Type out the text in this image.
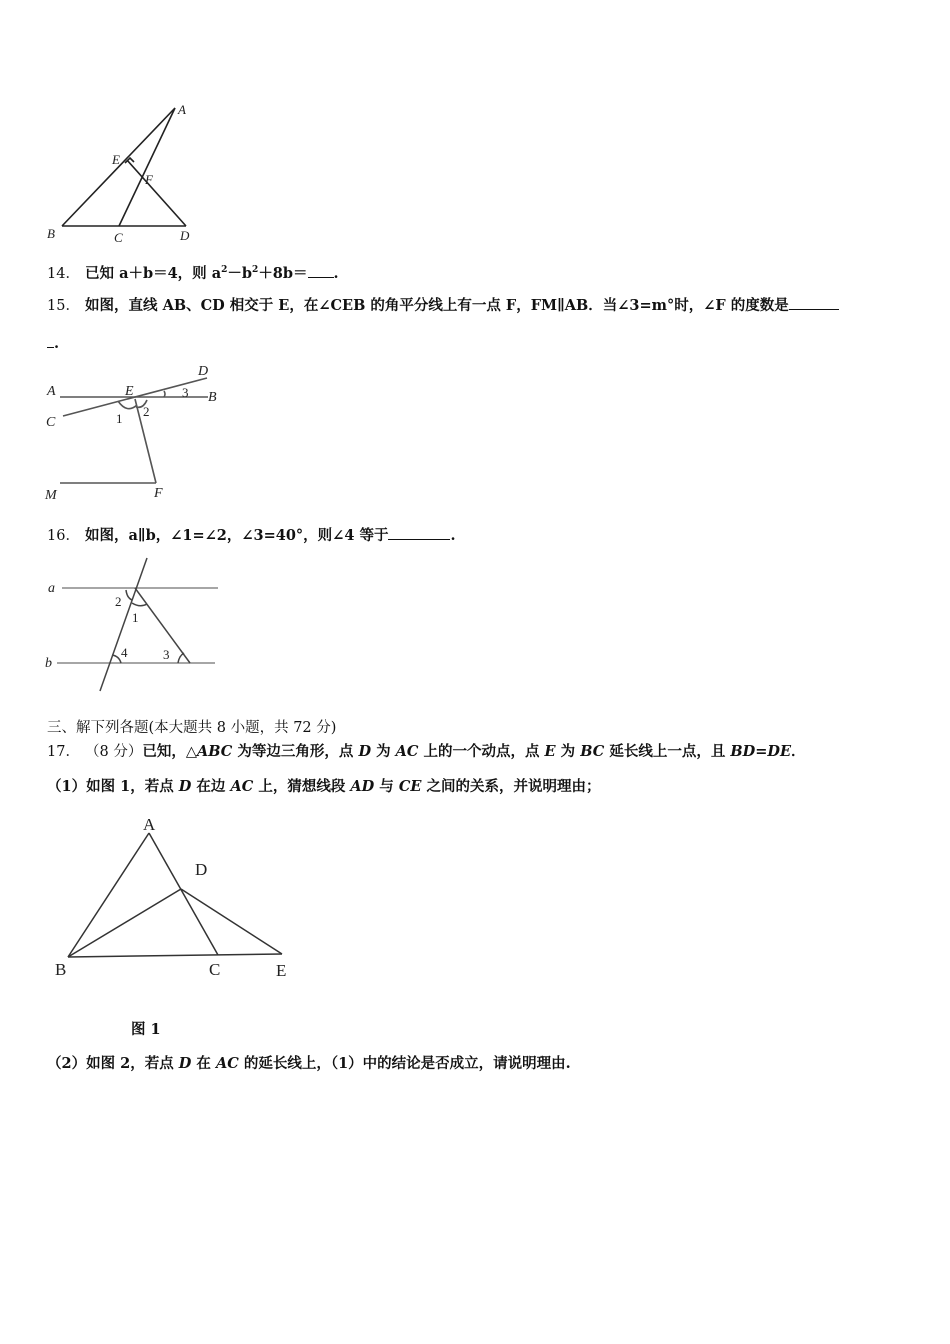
A
E
F
B	C	D
14． 已知 a＋b＝4，则 $a^2-b^2+8b=$ .
15． 如图，直线 AB、CD 相交于 E，在∠CEB 的角平分线上有一点 F，FM∥AB．当∠3=m°时，∠F 的度数是
.
A	E
D
3 B
C	1 2
M	F
16． 如图，a∥b，∠1=∠2，∠3=40°，则∠4 等于	.
a
b
2
1
4	3
三、解下列各题(本大题共 8 小题，共 72 分)
17． （8 分）已知，△ABC 为等边三角形，点 D 为 AC 上的一个动点，点 E 为 BC 延长线上一点，且 BD=DE．
（1）如图 1，若点 D 在边 AC 上，猜想线段 AD 与 CE 之间的关系，并说明理由；
A
D
B	C	E
图 1
（2）如图 2，若点 D 在 AC 的延长线上，（1）中的结论是否成立，请说明理由.
